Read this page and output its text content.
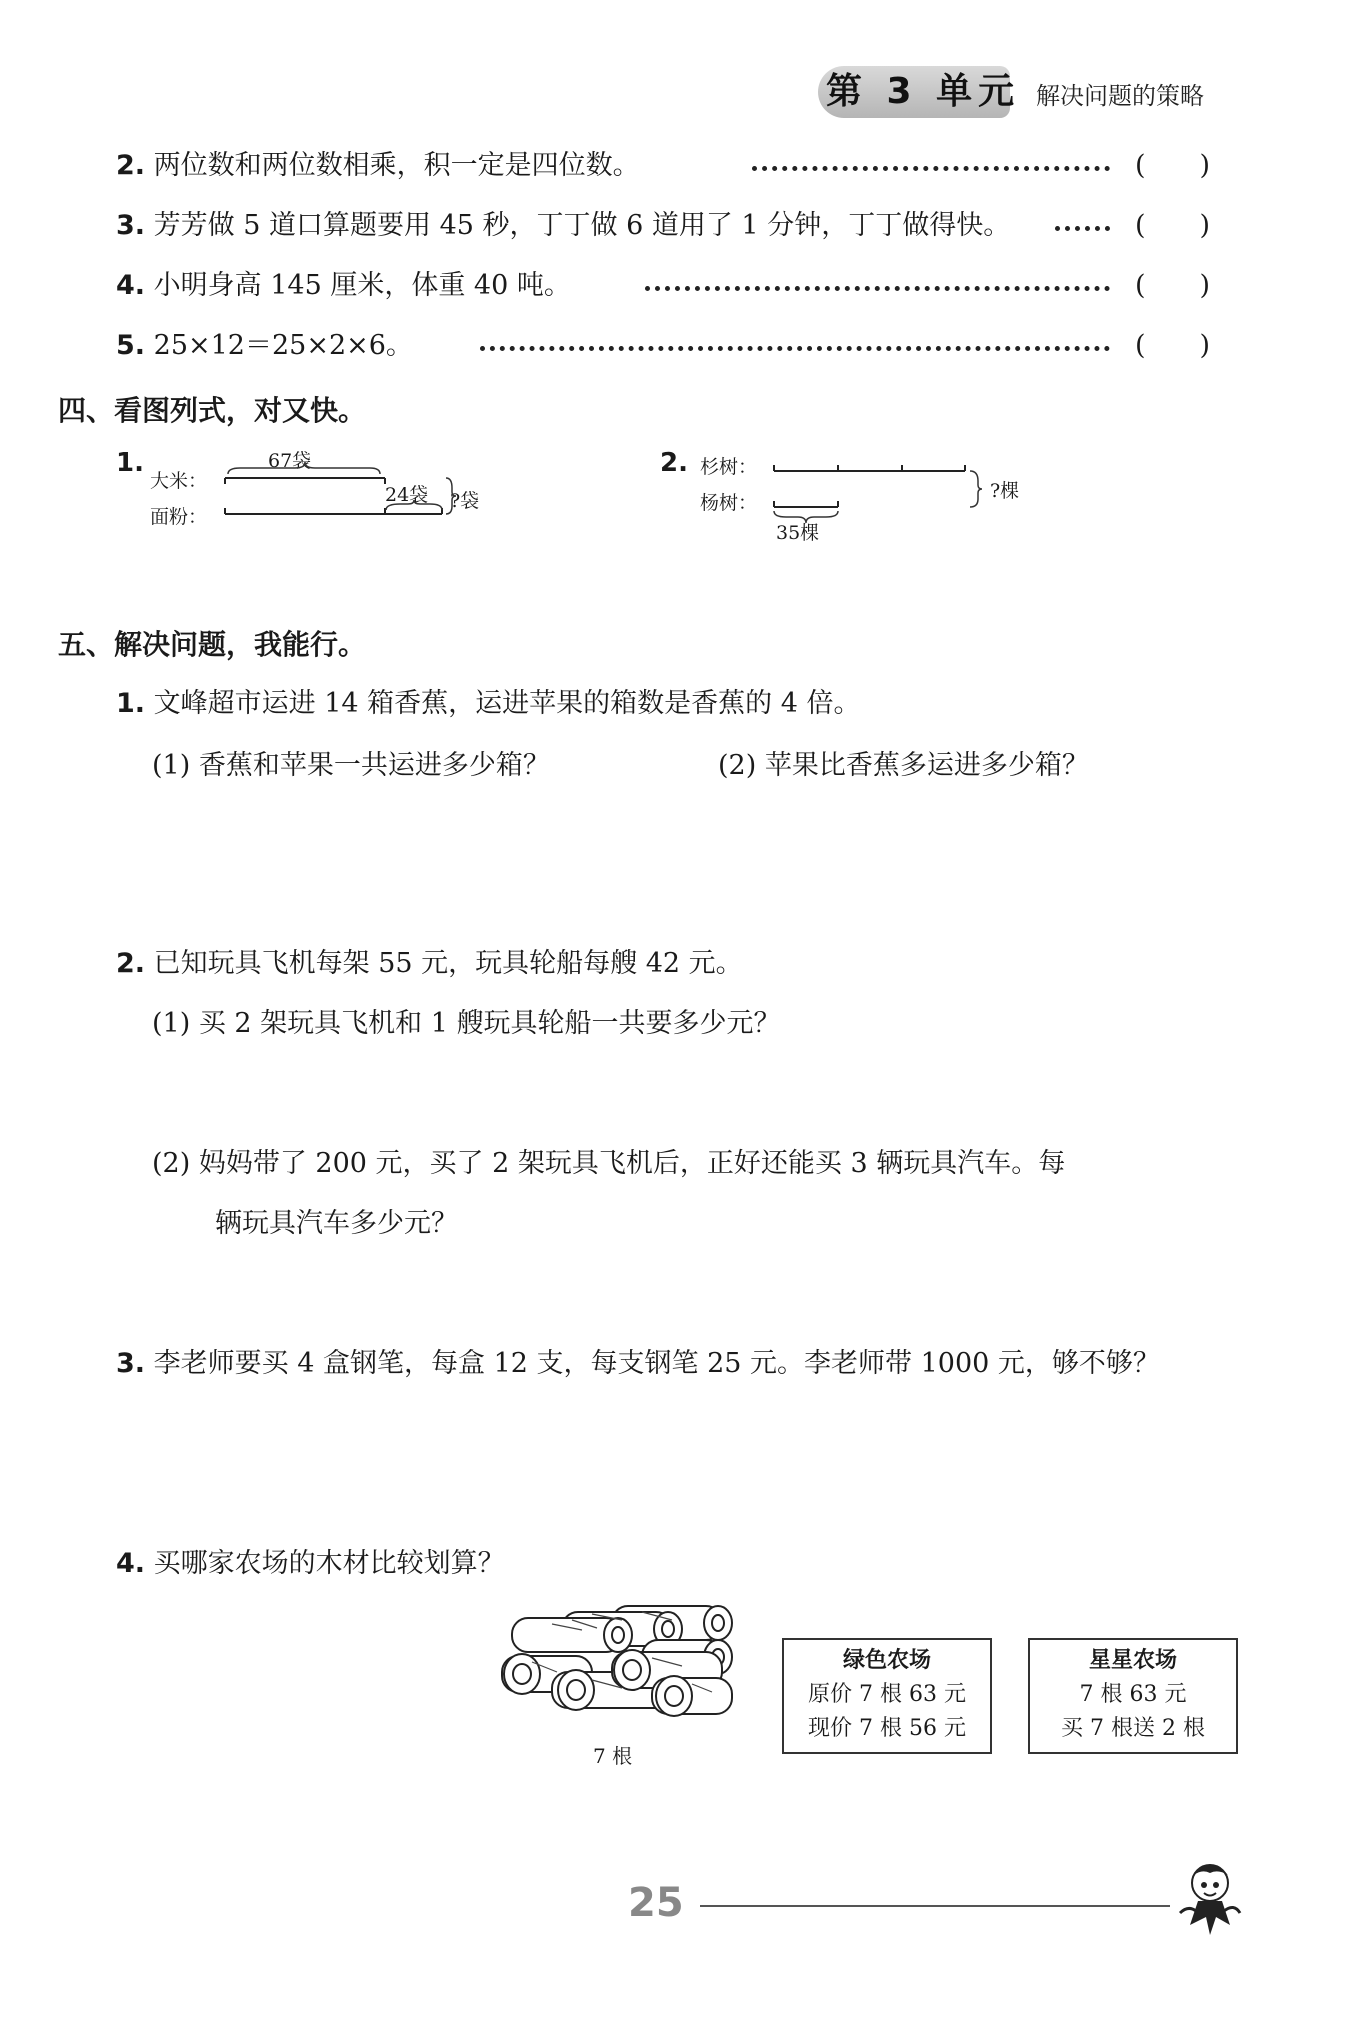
第 3 单元 解决问题的策略
2. 两位数和两位数相乘，积一定是四位数。	(　　)
3. 芳芳做 5 道口算题要用 45 秒，丁丁做 6 道用了 1 分钟，丁丁做得快。	(　　)
4. 小明身高 145 厘米，体重 40 吨。	(　　)
5. 25×12＝25×2×6。	(　　)
四、看图列式，对又快。
1.
大米：
面粉：
67袋
24袋 ?袋
2. 杉树：
杨树：
35棵
?棵
五、解决问题，我能行。
1. 文峰超市运进 14 箱香蕉，运进苹果的箱数是香蕉的 4 倍。
(1) 香蕉和苹果一共运进多少箱？	(2) 苹果比香蕉多运进多少箱？
2. 已知玩具飞机每架 55 元，玩具轮船每艘 42 元。
(1) 买 2 架玩具飞机和 1 艘玩具轮船一共要多少元？
(2) 妈妈带了 200 元，买了 2 架玩具飞机后，正好还能买 3 辆玩具汽车。每
辆玩具汽车多少元？
3. 李老师要买 4 盒钢笔，每盒 12 支，每支钢笔 25 元。李老师带 1000 元，够不够？
4. 买哪家农场的木材比较划算？
7 根
绿色农场
原价 7 根 63 元
现价 7 根 56 元
星星农场
7 根 63 元
买 7 根送 2 根
25
